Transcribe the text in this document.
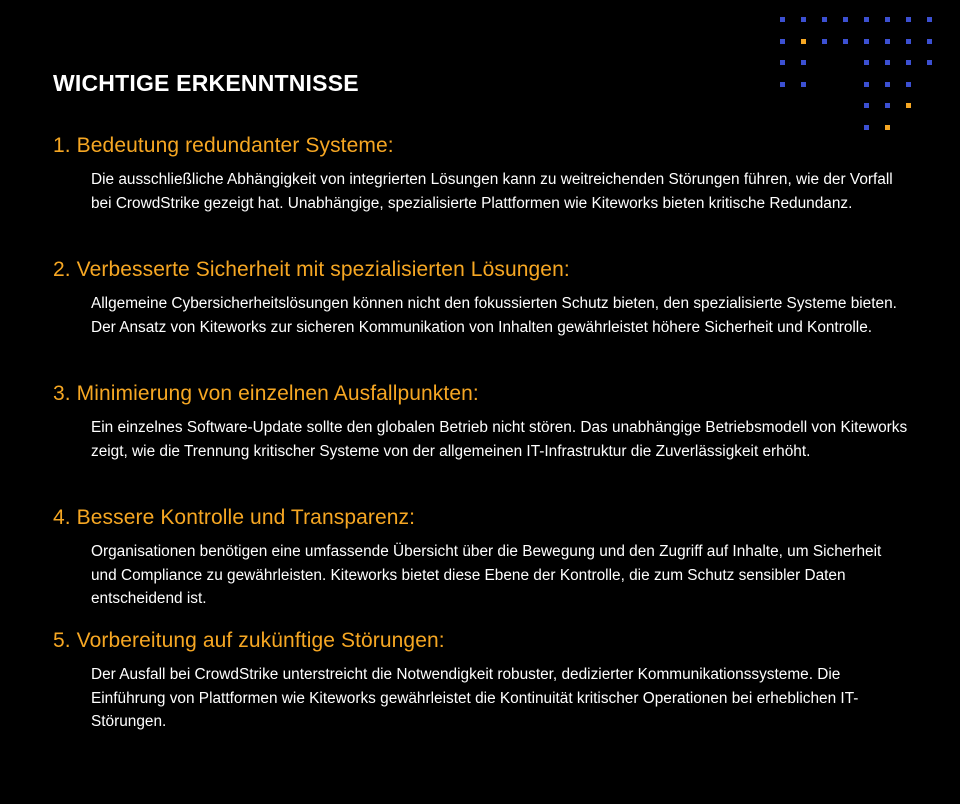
WICHTIGE ERKENNTNISSE
1. Bedeutung redundanter Systeme:

Die ausschließliche Abhängigkeit von integrierten Lösungen kann zu weitreichenden Störungen führen, wie der Vorfall bei CrowdStrike gezeigt hat. Unabhängige, spezialisierte Plattformen wie Kiteworks bieten kritische Redundanz.

2. Verbesserte Sicherheit mit spezialisierten Lösungen:

Allgemeine Cybersicherheitslösungen können nicht den fokussierten Schutz bieten, den spezialisierte Systeme bieten. Der Ansatz von Kiteworks zur sicheren Kommunikation von Inhalten gewährleistet höhere Sicherheit und Kontrolle.

3. Minimierung von einzelnen Ausfallpunkten:

Ein einzelnes Software-Update sollte den globalen Betrieb nicht stören. Das unabhängige Betriebsmodell von Kiteworks zeigt, wie die Trennung kritischer Systeme von der allgemeinen IT-Infrastruktur die Zuverlässigkeit erhöht.

4. Bessere Kontrolle und Transparenz:

Organisationen benötigen eine umfassende Übersicht über die Bewegung und den Zugriff auf Inhalte, um Sicherheit und Compliance zu gewährleisten. Kiteworks bietet diese Ebene der Kontrolle, die zum Schutz sensibler Daten entscheidend ist.

5. Vorbereitung auf zukünftige Störungen:

Der Ausfall bei CrowdStrike unterstreicht die Notwendigkeit robuster, dedizierter Kommunikationssysteme. Die Einführung von Plattformen wie Kiteworks gewährleistet die Kontinuität kritischer Operationen bei erheblichen IT-Störungen.
